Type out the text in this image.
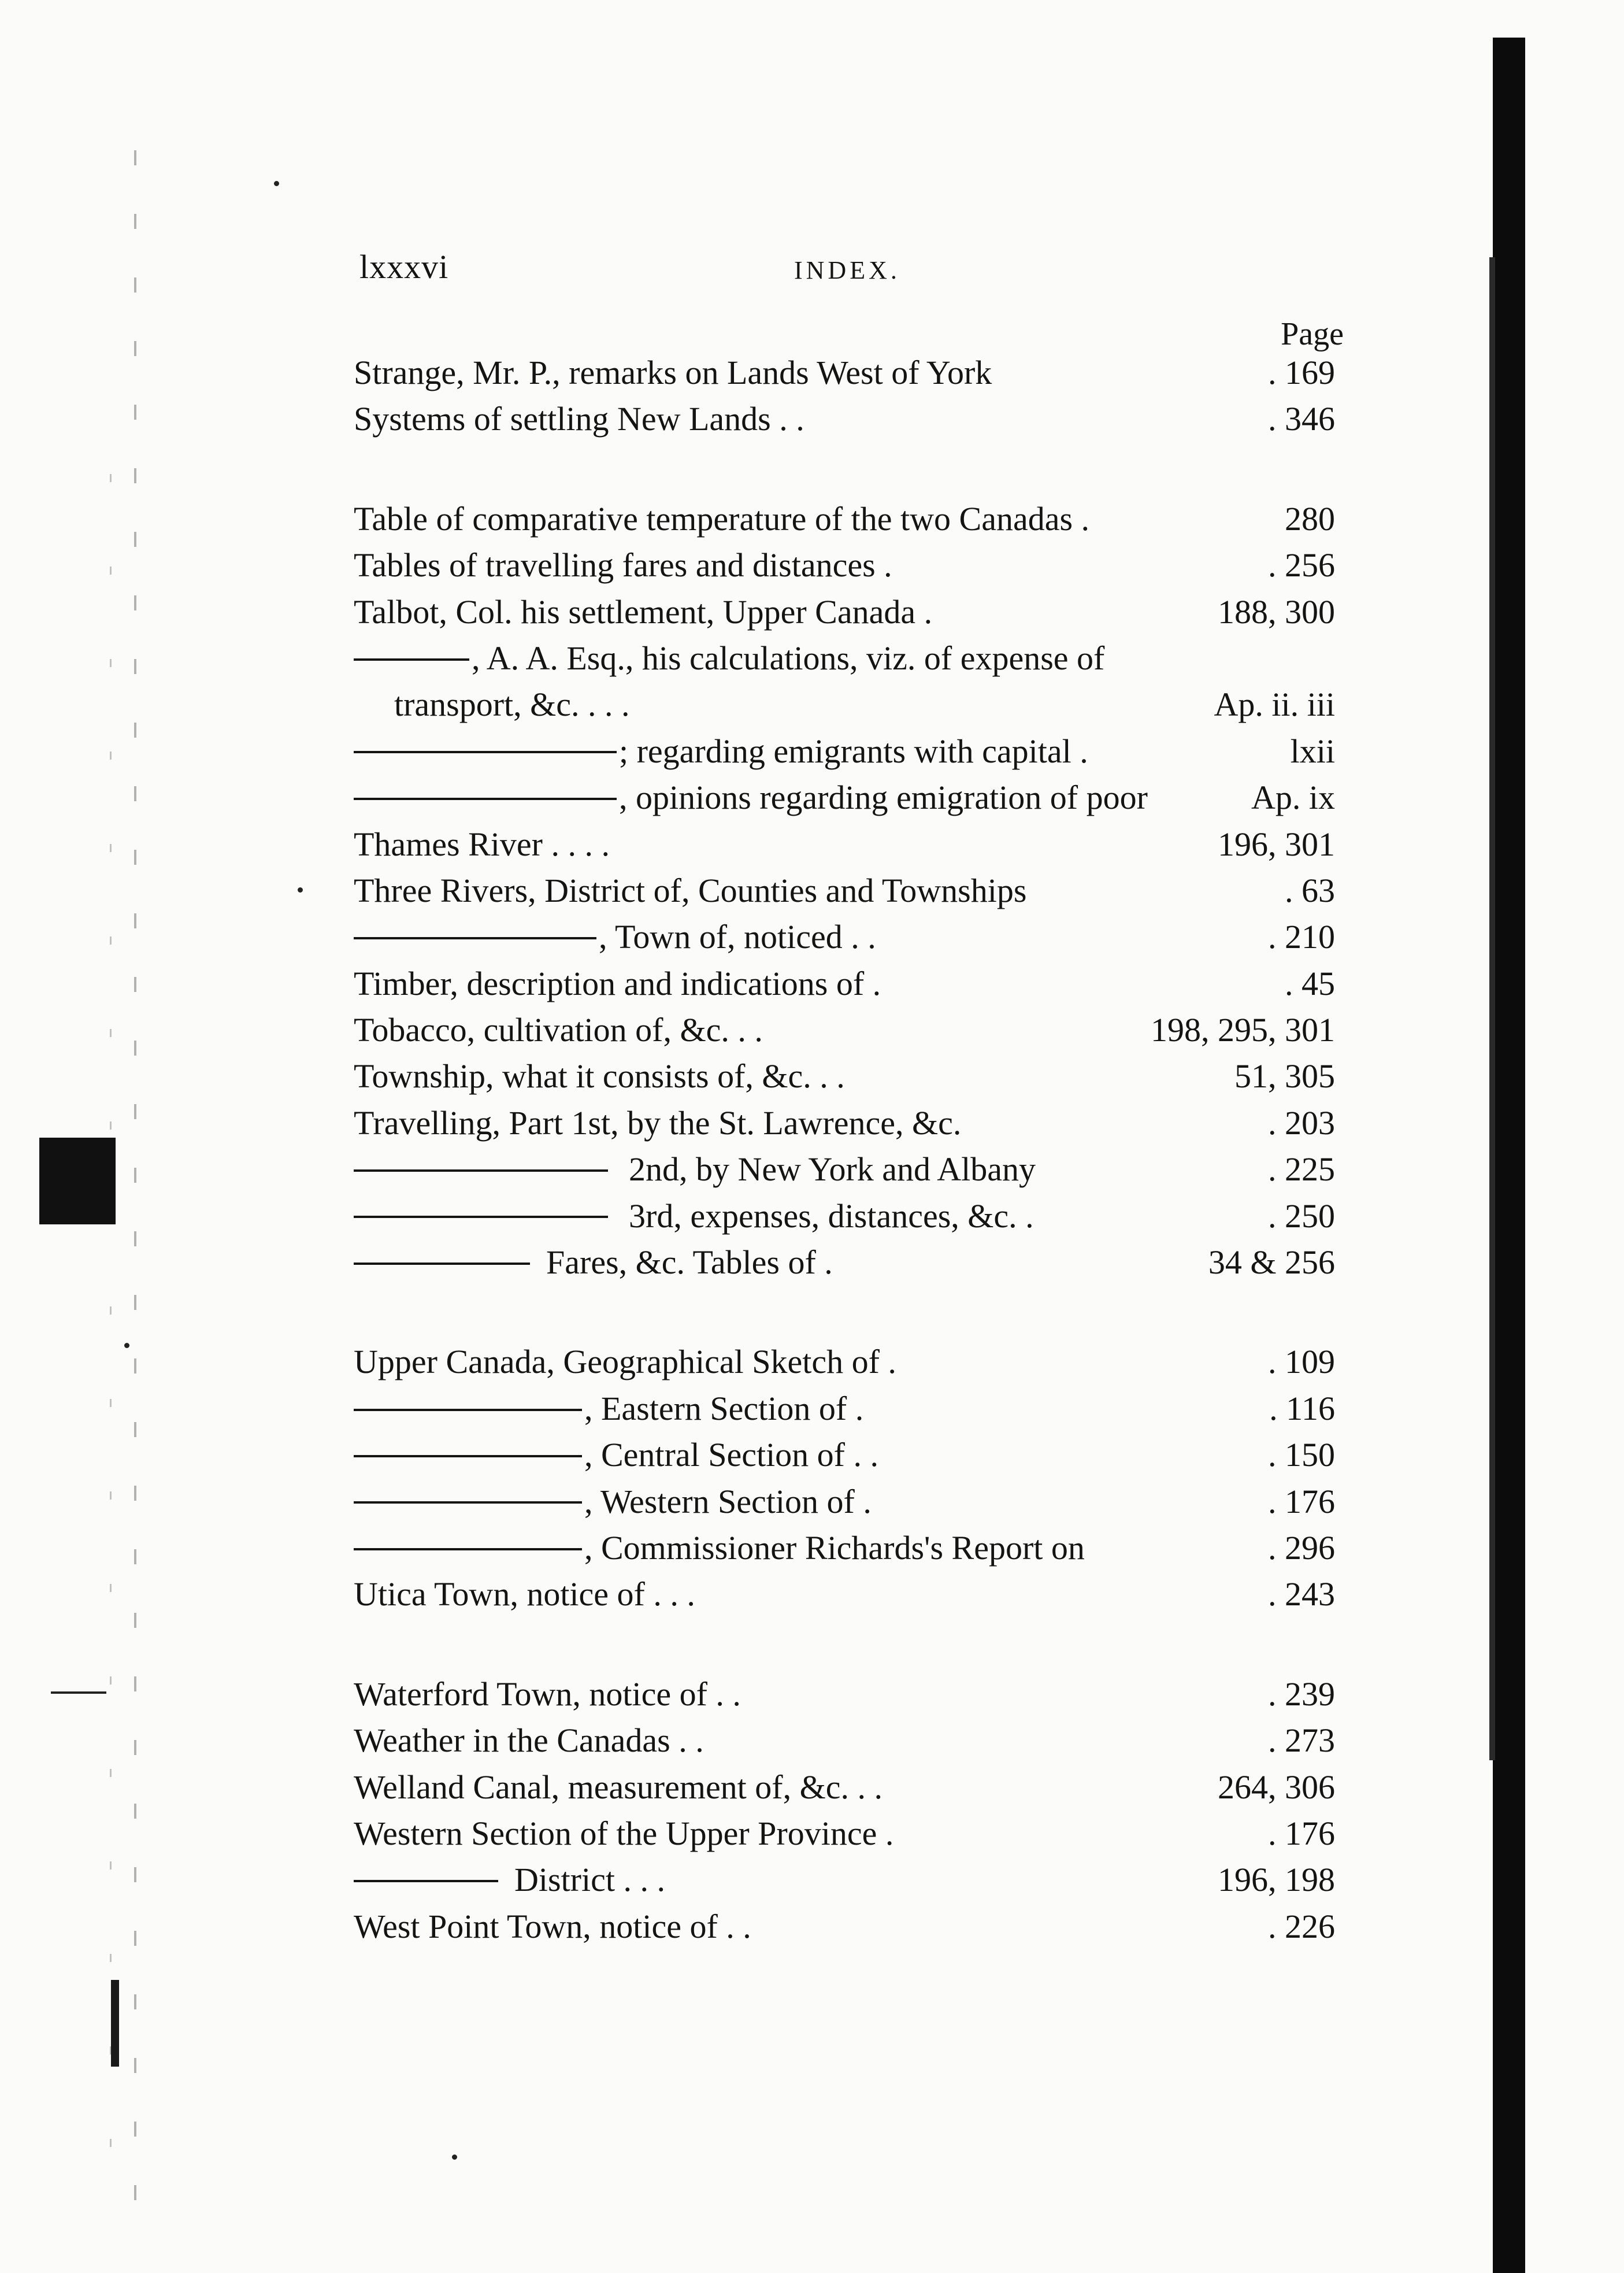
lxxxvi	INDEX.
Page
Strange, Mr. P., remarks on Lands West of York	. 169
Systems of settling New Lands . .	. 346
Table of comparative temperature of the two Canadas .	280
Tables of travelling fares and distances .	. 256
Talbot, Col. his settlement, Upper Canada .	188, 300
, A. A. Esq., his calculations, viz. of expense of
transport, &c. . . .	Ap. ii. iii
; regarding emigrants with capital .	lxii
, opinions regarding emigration of poor	Ap. ix
Thames River . . . .	196, 301
Three Rivers, District of, Counties and Townships	. 63
, Town of, noticed . .	. 210
Timber, description and indications of .	. 45
Tobacco, cultivation of, &c. . .	198, 295, 301
Township, what it consists of, &c. . .	51, 305
Travelling, Part 1st, by the St. Lawrence, &c.	. 203
2nd, by New York and Albany	. 225
3rd, expenses, distances, &c. .	. 250
Fares, &c. Tables of .	34 & 256
Upper Canada, Geographical Sketch of .	. 109
, Eastern Section of .	. 116
, Central Section of . .	. 150
, Western Section of .	. 176
, Commissioner Richards's Report on	. 296
Utica Town, notice of . . .	. 243
Waterford Town, notice of . .	. 239
Weather in the Canadas . .	. 273
Welland Canal, measurement of, &c. . .	264, 306
Western Section of the Upper Province .	. 176
District . . .	196, 198
West Point Town, notice of . .	. 226
